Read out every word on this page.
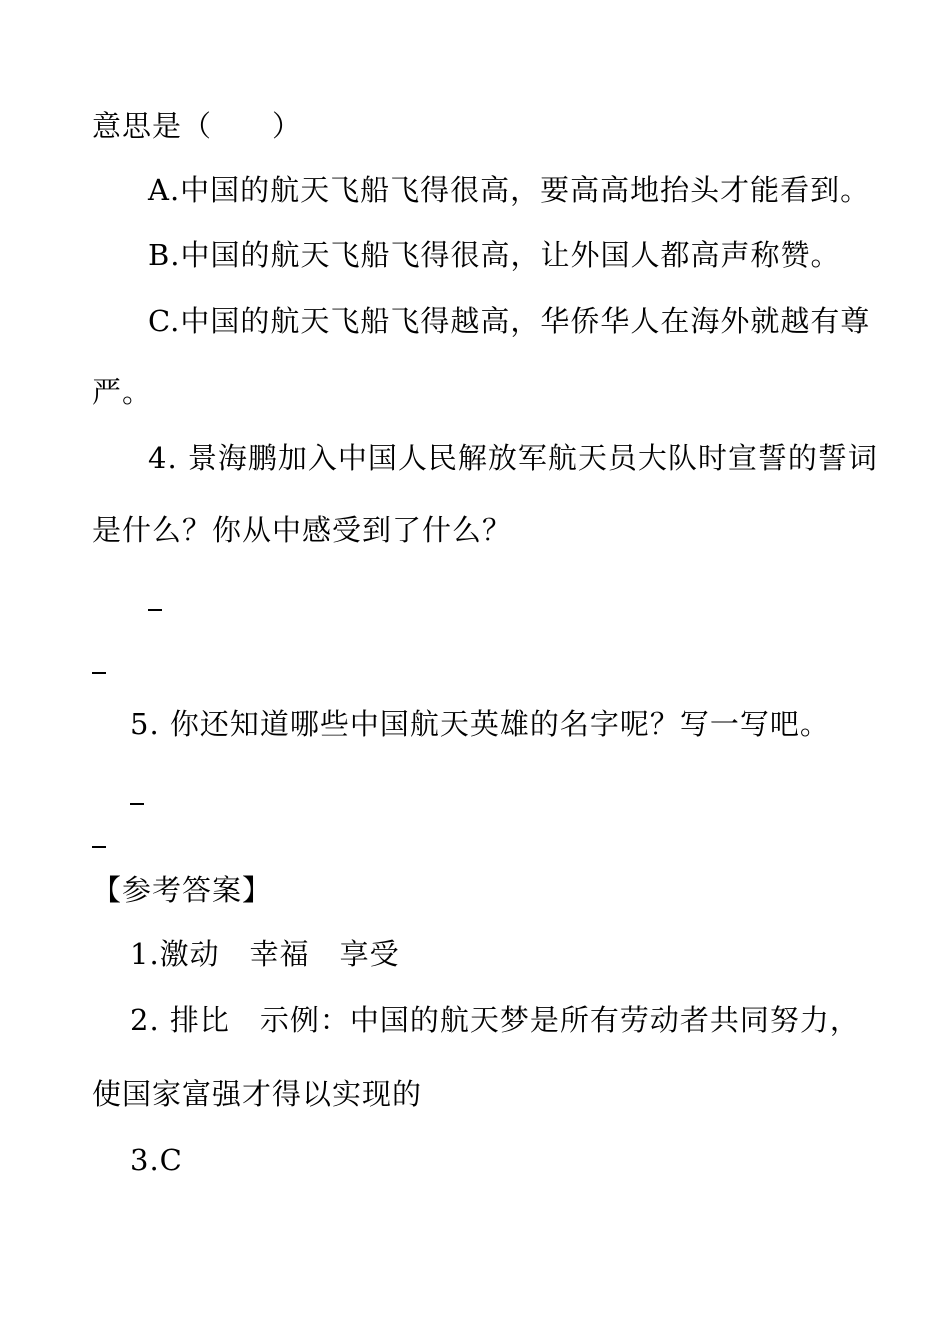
意思是（　　）
A.中国的航天飞船飞得很高，要高高地抬头才能看到。
B.中国的航天飞船飞得很高，让外国人都高声称赞。
C.中国的航天飞船飞得越高，华侨华人在海外就越有尊
严。
4. 景海鹏加入中国人民解放军航天员大队时宣誓的誓词
是什么？你从中感受到了什么？
5. 你还知道哪些中国航天英雄的名字呢？写一写吧。
【参考答案】
1.激动　幸福　享受
2. 排比　示例：中国的航天梦是所有劳动者共同努力，
使国家富强才得以实现的
3.C
